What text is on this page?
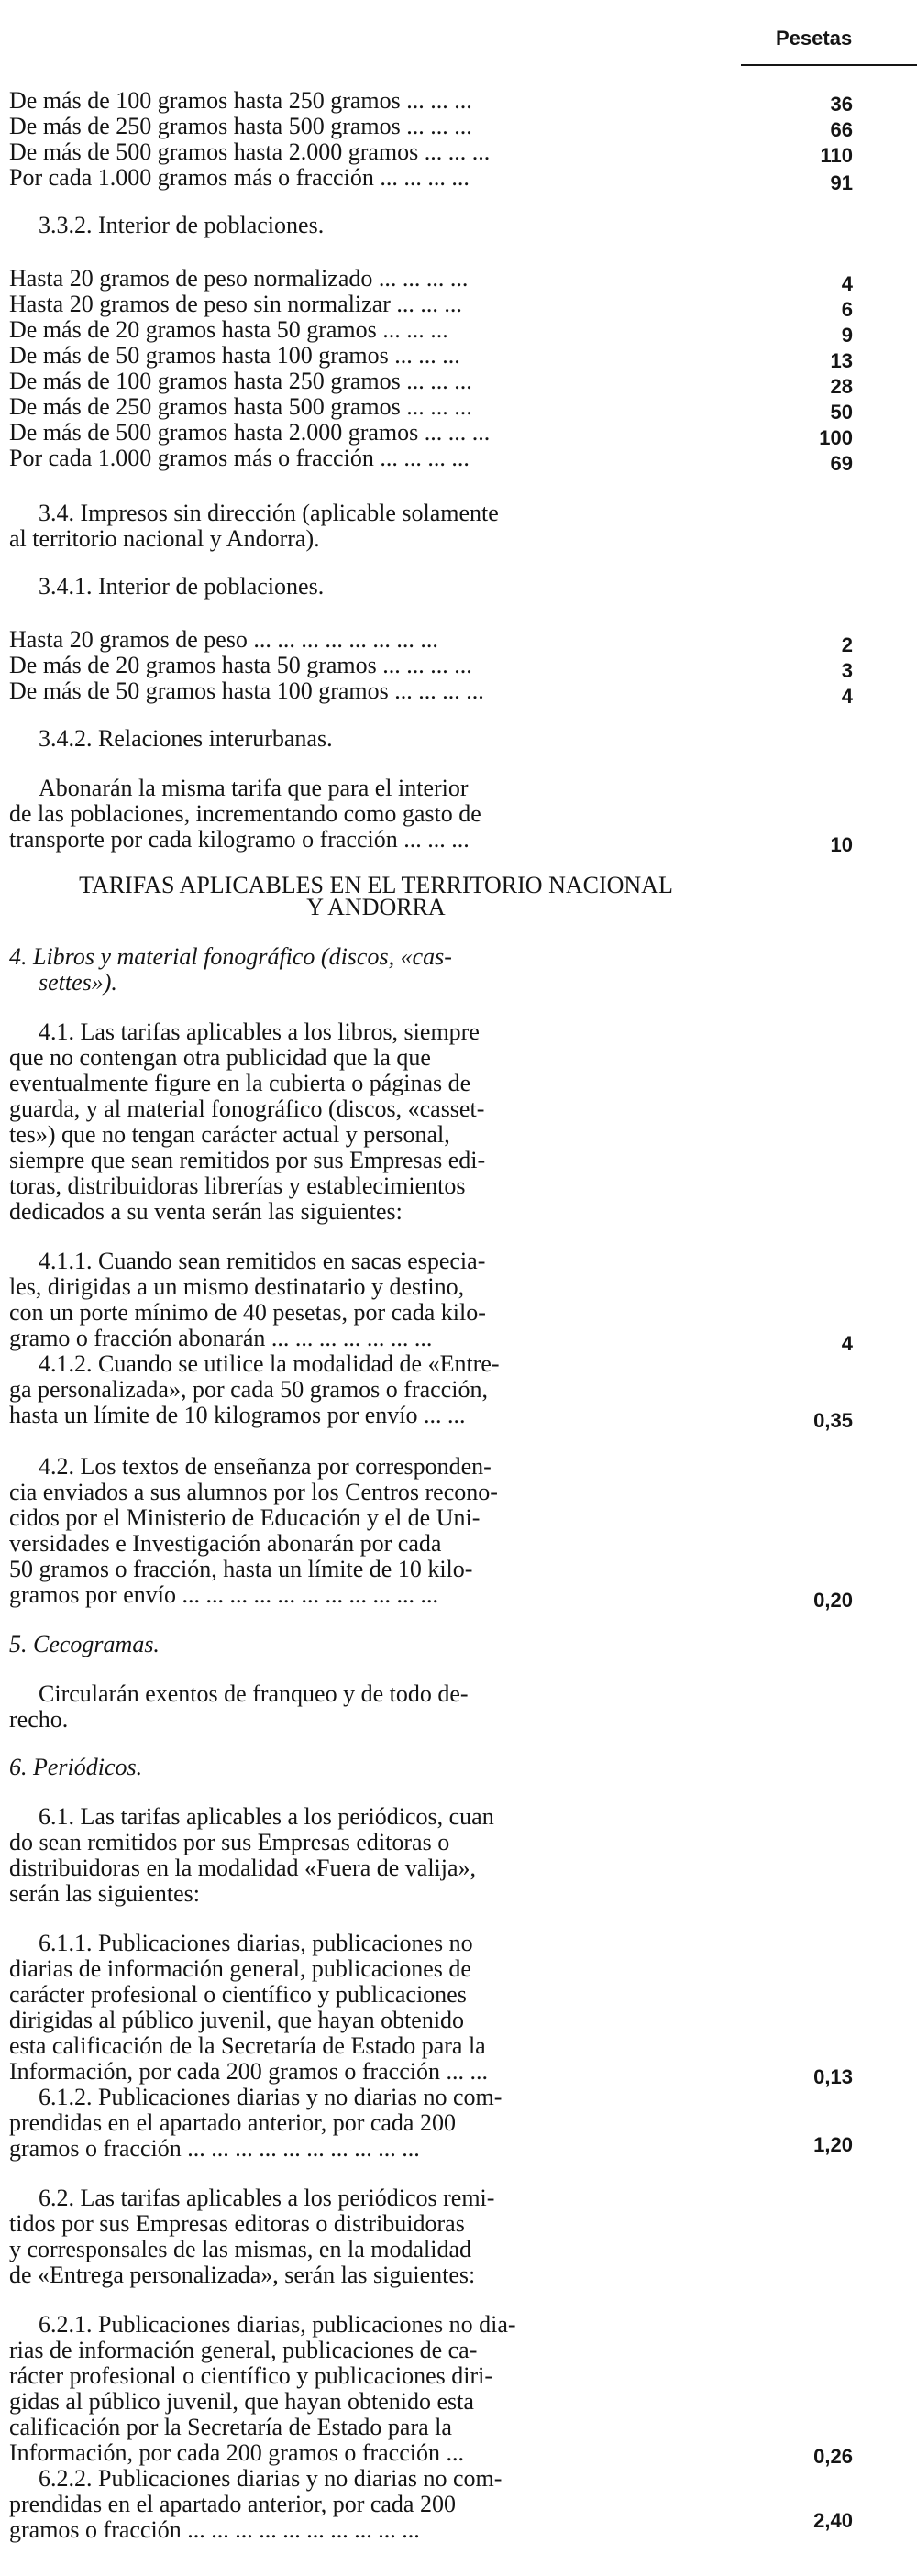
Pesetas
De más de 100 gramos hasta 250 gramos ... ... ...	36
De más de 250 gramos hasta 500 gramos ... ... ...	66
De más de 500 gramos hasta 2.000 gramos ... ... ...	110
Por cada 1.000 gramos más o fracción ... ... ... ...	91
3.3.2. Interior de poblaciones.
Hasta 20 gramos de peso normalizado ... ... ... ...	4
Hasta 20 gramos de peso sin normalizar ... ... ...	6
De más de 20 gramos hasta 50 gramos ... ... ...	9
De más de 50 gramos hasta 100 gramos ... ... ...	13
De más de 100 gramos hasta 250 gramos ... ... ...	28
De más de 250 gramos hasta 500 gramos ... ... ...	50
De más de 500 gramos hasta 2.000 gramos ... ... ...	100
Por cada 1.000 gramos más o fracción ... ... ... ...	69
3.4. Impresos sin dirección (aplicable solamente
al territorio nacional y Andorra).
3.4.1. Interior de poblaciones.
Hasta 20 gramos de peso ... ... ... ... ... ... ... ...	2
De más de 20 gramos hasta 50 gramos ... ... ... ...	3
De más de 50 gramos hasta 100 gramos ... ... ... ...	4
3.4.2. Relaciones interurbanas.
Abonarán la misma tarifa que para el interior
de las poblaciones, incrementando como gasto de
transporte por cada kilogramo o fracción ... ... ...	10
TARIFAS APLICABLES EN EL TERRITORIO NACIONAL
Y ANDORRA
4. Libros y material fonográfico (discos, «cas-
settes»).
4.1. Las tarifas aplicables a los libros, siempre
que no contengan otra publicidad que la que
eventualmente figure en la cubierta o páginas de
guarda, y al material fonográfico (discos, «casset-
tes») que no tengan carácter actual y personal,
siempre que sean remitidos por sus Empresas edi-
toras, distribuidoras librerías y establecimientos
dedicados a su venta serán las siguientes:
4.1.1. Cuando sean remitidos en sacas especia-
les, dirigidas a un mismo destinatario y destino,
con un porte mínimo de 40 pesetas, por cada kilo-
gramo o fracción abonarán ... ... ... ... ... ... ...	4
4.1.2. Cuando se utilice la modalidad de «Entre-
ga personalizada», por cada 50 gramos o fracción,
hasta un límite de 10 kilogramos por envío ... ...	0,35
4.2. Los textos de enseñanza por corresponden-
cia enviados a sus alumnos por los Centros recono-
cidos por el Ministerio de Educación y el de Uni-
versidades e Investigación abonarán por cada
50 gramos o fracción, hasta un límite de 10 kilo-
gramos por envío ... ... ... ... ... ... ... ... ... ... ...	0,20
5. Cecogramas.
Circularán exentos de franqueo y de todo de-
recho.
6. Periódicos.
6.1. Las tarifas aplicables a los periódicos, cuan
do sean remitidos por sus Empresas editoras o
distribuidoras en la modalidad «Fuera de valija»,
serán las siguientes:
6.1.1. Publicaciones diarias, publicaciones no
diarias de información general, publicaciones de
carácter profesional o científico y publicaciones
dirigidas al público juvenil, que hayan obtenido
esta calificación de la Secretaría de Estado para la
Información, por cada 200 gramos o fracción ... ...	0,13
6.1.2. Publicaciones diarias y no diarias no com-
prendidas en el apartado anterior, por cada 200
gramos o fracción ... ... ... ... ... ... ... ... ... ...	1,20
6.2. Las tarifas aplicables a los periódicos remi-
tidos por sus Empresas editoras o distribuidoras
y corresponsales de las mismas, en la modalidad
de «Entrega personalizada», serán las siguientes:
6.2.1. Publicaciones diarias, publicaciones no dia-
rias de información general, publicaciones de ca-
rácter profesional o científico y publicaciones diri-
gidas al público juvenil, que hayan obtenido esta
calificación por la Secretaría de Estado para la
Información, por cada 200 gramos o fracción ...	0,26
6.2.2. Publicaciones diarias y no diarias no com-
prendidas en el apartado anterior, por cada 200
gramos o fracción ... ... ... ... ... ... ... ... ... ...	2,40
